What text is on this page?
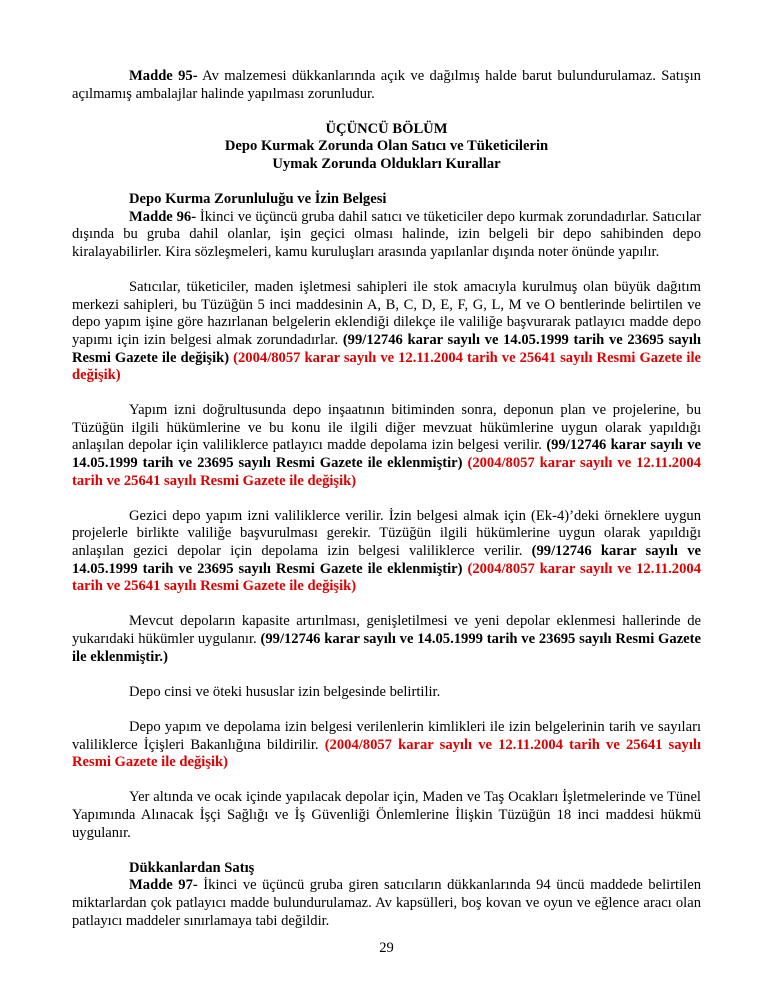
Madde 95- Av malzemesi dükkanlarında açık ve dağılmış halde barut bulundurulamaz. Satışın açılmamış ambalajlar halinde yapılması zorunludur.

ÜÇÜNCÜ BÖLÜM

Depo Kurmak Zorunda Olan Satıcı ve Tüketicilerin

Uymak Zorunda Oldukları Kurallar

Depo Kurma Zorunluluğu ve İzin Belgesi

Madde 96- İkinci ve üçüncü gruba dahil satıcı ve tüketiciler depo kurmak zorundadırlar. Satıcılar dışında bu gruba dahil olanlar, işin geçici olması halinde, izin belgeli bir depo sahibinden depo kiralayabilirler. Kira sözleşmeleri, kamu kuruluşları arasında yapılanlar dışında noter önünde yapılır.

Satıcılar, tüketiciler, maden işletmesi sahipleri ile stok amacıyla kurulmuş olan büyük dağıtım merkezi sahipleri, bu Tüzüğün 5 inci maddesinin A, B, C, D, E, F, G, L, M ve O bentlerinde belirtilen ve depo yapım işine göre hazırlanan belgelerin eklendiği dilekçe ile valiliğe başvurarak patlayıcı madde depo yapımı için izin belgesi almak zorundadırlar. (99/12746 karar sayılı ve 14.05.1999 tarih ve 23695 sayılı Resmi Gazete ile değişik) (2004/8057 karar sayılı ve 12.11.2004 tarih ve 25641 sayılı Resmi Gazete ile değişik)

Yapım izni doğrultusunda depo inşaatının bitiminden sonra, deponun plan ve projelerine, bu Tüzüğün ilgili hükümlerine ve bu konu ile ilgili diğer mevzuat hükümlerine uygun olarak yapıldığı anlaşılan depolar için valiliklerce patlayıcı madde depolama izin belgesi verilir. (99/12746 karar sayılı ve 14.05.1999 tarih ve 23695 sayılı Resmi Gazete ile eklenmiştir) (2004/8057 karar sayılı ve 12.11.2004 tarih ve 25641 sayılı Resmi Gazete ile değişik)

Gezici depo yapım izni valiliklerce verilir. İzin belgesi almak için (Ek-4)’deki örneklere uygun projelerle birlikte valiliğe başvurulması gerekir. Tüzüğün ilgili hükümlerine uygun olarak yapıldığı anlaşılan gezici depolar için depolama izin belgesi valiliklerce verilir. (99/12746 karar sayılı ve 14.05.1999 tarih ve 23695 sayılı Resmi Gazete ile eklenmiştir) (2004/8057 karar sayılı ve 12.11.2004 tarih ve 25641 sayılı Resmi Gazete ile değişik)

Mevcut depoların kapasite artırılması, genişletilmesi ve yeni depolar eklenmesi hallerinde de yukarıdaki hükümler uygulanır. (99/12746 karar sayılı ve 14.05.1999 tarih ve 23695 sayılı Resmi Gazete ile eklenmiştir.)

Depo cinsi ve öteki hususlar izin belgesinde belirtilir.

Depo yapım ve depolama izin belgesi verilenlerin kimlikleri ile izin belgelerinin tarih ve sayıları valiliklerce İçişleri Bakanlığına bildirilir. (2004/8057 karar sayılı ve 12.11.2004 tarih ve 25641 sayılı Resmi Gazete ile değişik)

Yer altında ve ocak içinde yapılacak depolar için, Maden ve Taş Ocakları İşletmelerinde ve Tünel Yapımında Alınacak İşçi Sağlığı ve İş Güvenliği Önlemlerine İlişkin Tüzüğün 18 inci maddesi hükmü uygulanır.

Dükkanlardan Satış

Madde 97- İkinci ve üçüncü gruba giren satıcıların dükkanlarında 94 üncü maddede belirtilen miktarlardan çok patlayıcı madde bulundurulamaz. Av kapsülleri, boş kovan ve oyun ve eğlence aracı olan patlayıcı maddeler sınırlamaya tabi değildir.

29
